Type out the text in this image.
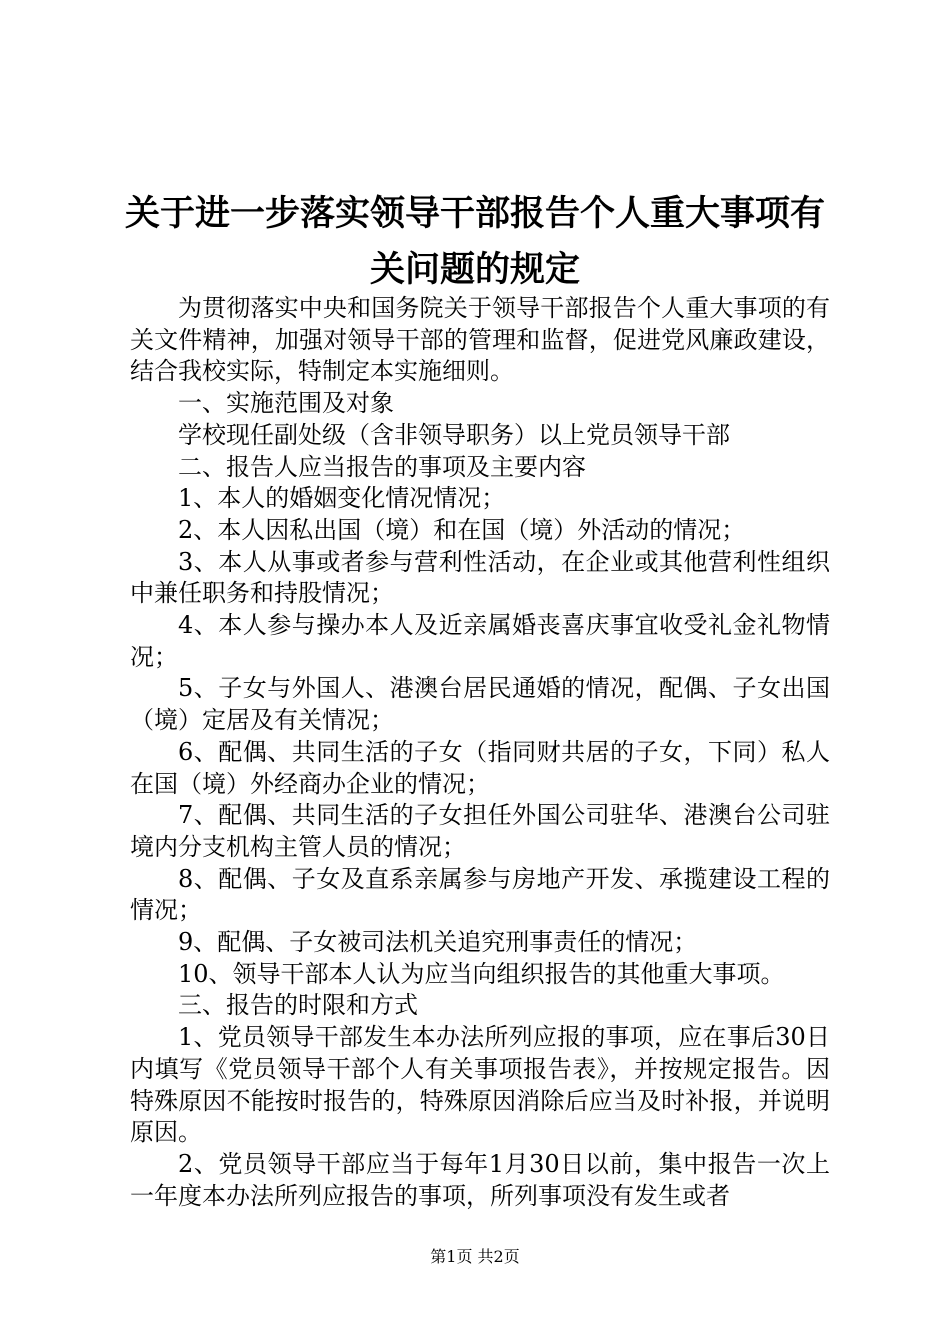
关于进一步落实领导干部报告个人重大事项有
关问题的规定

为贯彻落实中央和国务院关于领导干部报告个人重大事项的有关文件精神，加强对领导干部的管理和监督，促进党风廉政建设，结合我校实际，特制定本实施细则。

一、实施范围及对象

学校现任副处级（含非领导职务）以上党员领导干部

二、报告人应当报告的事项及主要内容

1、本人的婚姻变化情况情况；

2、本人因私出国（境）和在国（境）外活动的情况；

3、本人从事或者参与营利性活动，在企业或其他营利性组织中兼任职务和持股情况；

4、本人参与操办本人及近亲属婚丧喜庆事宜收受礼金礼物情况；

5、子女与外国人、港澳台居民通婚的情况，配偶、子女出国（境）定居及有关情况；

6、配偶、共同生活的子女（指同财共居的子女，下同）私人在国（境）外经商办企业的情况；

7、配偶、共同生活的子女担任外国公司驻华、港澳台公司驻境内分支机构主管人员的情况；

8、配偶、子女及直系亲属参与房地产开发、承揽建设工程的情况；

9、配偶、子女被司法机关追究刑事责任的情况；

10、领导干部本人认为应当向组织报告的其他重大事项。

三、报告的时限和方式

1、党员领导干部发生本办法所列应报的事项，应在事后30日内填写《党员领导干部个人有关事项报告表》，并按规定报告。因特殊原因不能按时报告的，特殊原因消除后应当及时补报，并说明原因。

2、党员领导干部应当于每年1月30日以前，集中报告一次上一年度本办法所列应报告的事项，所列事项没有发生或者

第1页 共2页
